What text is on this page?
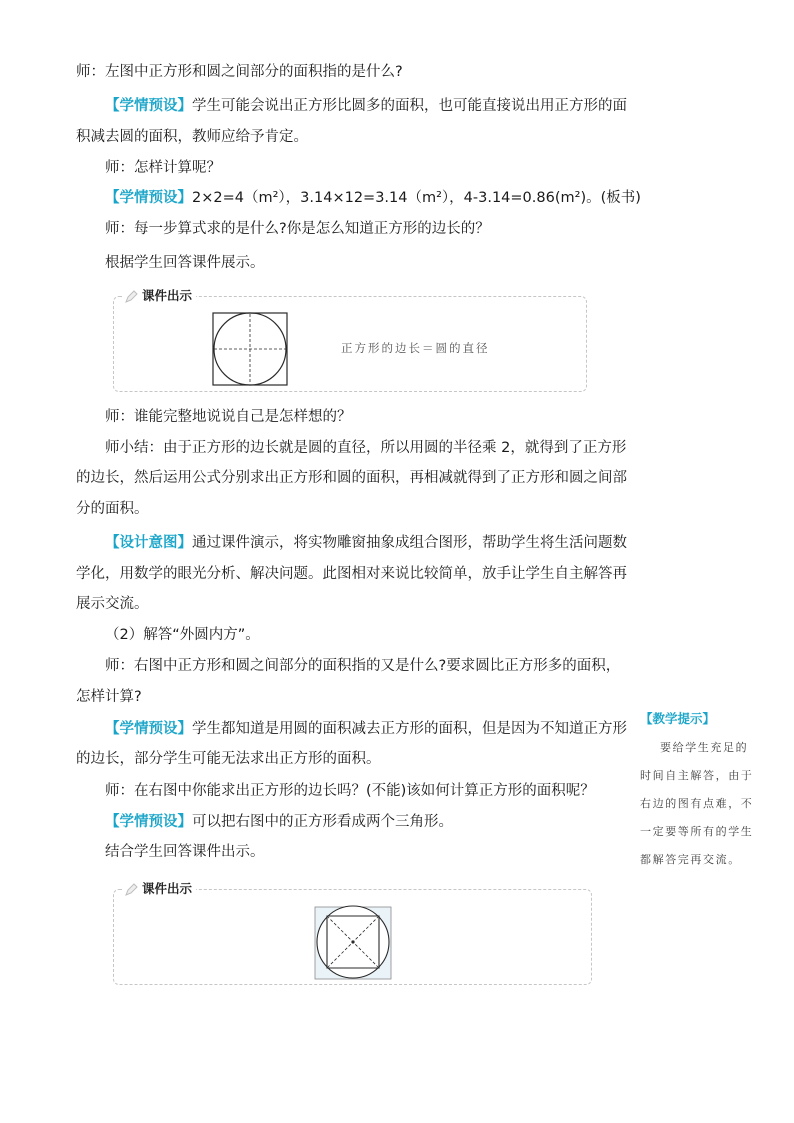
师：左图中正方形和圆之间部分的面积指的是什么?
【学情预设】学生可能会说出正方形比圆多的面积，也可能直接说出用正方形的面
积减去圆的面积，教师应给予肯定。
师：怎样计算呢？
【学情预设】2×2=4（m²），3.14×12=3.14（m²），4-3.14=0.86(m²)。(板书)
师：每一步算式求的是什么?你是怎么知道正方形的边长的？
根据学生回答课件展示。
课件出示
正方形的边长＝圆的直径
师：谁能完整地说说自己是怎样想的？
师小结：由于正方形的边长就是圆的直径，所以用圆的半径乘 2，就得到了正方形
的边长，然后运用公式分别求出正方形和圆的面积，再相减就得到了正方形和圆之间部
分的面积。
【设计意图】通过课件演示，将实物雕窗抽象成组合图形，帮助学生将生活问题数
学化，用数学的眼光分析、解决问题。此图相对来说比较简单，放手让学生自主解答再
展示交流。
（2）解答“外圆内方”。
师：右图中正方形和圆之间部分的面积指的又是什么?要求圆比正方形多的面积，
怎样计算?
【学情预设】学生都知道是用圆的面积减去正方形的面积，但是因为不知道正方形
的边长，部分学生可能无法求出正方形的面积。
师：在右图中你能求出正方形的边长吗？(不能)该如何计算正方形的面积呢？
【学情预设】可以把右图中的正方形看成两个三角形。
结合学生回答课件出示。
课件出示
【教学提示】
要给学生充足的
时间自主解答，由于
右边的图有点难，不
一定要等所有的学生
都解答完再交流。
